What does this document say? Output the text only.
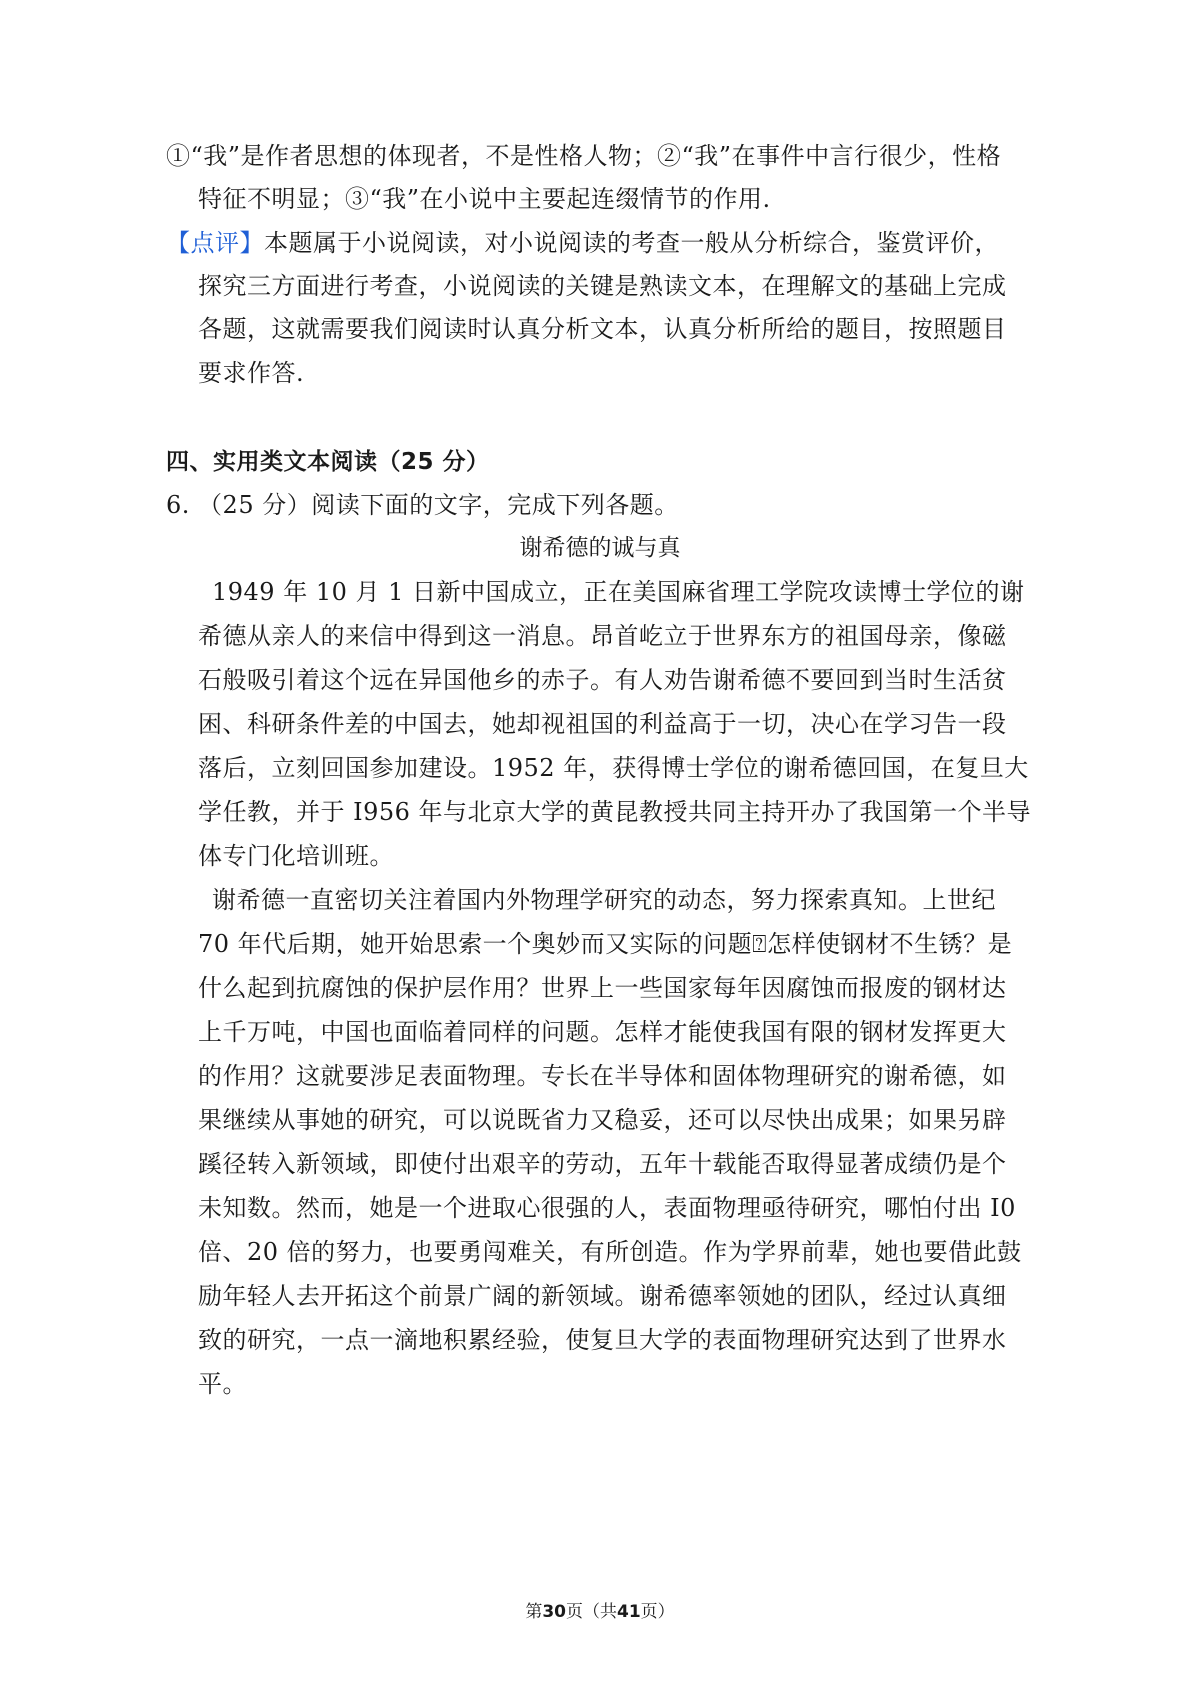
①“我”是作者思想的体现者，不是性格人物；②“我”在事件中言行很少，性格
特征不明显；③“我”在小说中主要起连缀情节的作用.
【点评】本题属于小说阅读，对小说阅读的考查一般从分析综合，鉴赏评价，
探究三方面进行考查，小说阅读的关键是熟读文本，在理解文的基础上完成
各题，这就需要我们阅读时认真分析文本，认真分析所给的题目，按照题目
要求作答.
四、实用类文本阅读（25 分）
6. （25 分）阅读下面的文字，完成下列各题。
谢希德的诚与真
1949 年 10 月 1 日新中国成立，正在美国麻省理工学院攻读博士学位的谢
希德从亲人的来信中得到这一消息。昂首屹立于世界东方的祖国母亲，像磁
石般吸引着这个远在异国他乡的赤子。有人劝告谢希德不要回到当时生活贫
困、科研条件差的中国去，她却视祖国的利益高于一切，决心在学习告一段
落后，立刻回国参加建设。1952 年，获得博士学位的谢希德回国，在复旦大
学任教，并于 I956 年与北京大学的黄昆教授共同主持开办了我国第一个半导
体专门化培训班。
谢希德一直密切关注着国内外物理学研究的动态，努力探索真知。上世纪
70 年代后期，她开始思索一个奥妙而又实际的问题⍰怎样使钢材不生锈？是
什么起到抗腐蚀的保护层作用？世界上一些国家每年因腐蚀而报废的钢材达
上千万吨，中国也面临着同样的问题。怎样才能使我国有限的钢材发挥更大
的作用？这就要涉足表面物理。专长在半导体和固体物理研究的谢希德，如
果继续从事她的研究，可以说既省力又稳妥，还可以尽快出成果；如果另辟
蹊径转入新领域，即使付出艰辛的劳动，五年十载能否取得显著成绩仍是个
未知数。然而，她是一个进取心很强的人，表面物理亟待研究，哪怕付出 I0
倍、20 倍的努力，也要勇闯难关，有所创造。作为学界前辈，她也要借此鼓
励年轻人去开拓这个前景广阔的新领域。谢希德率领她的团队，经过认真细
致的研究，一点一滴地积累经验，使复旦大学的表面物理研究达到了世界水
平。
第30页（共41页）
